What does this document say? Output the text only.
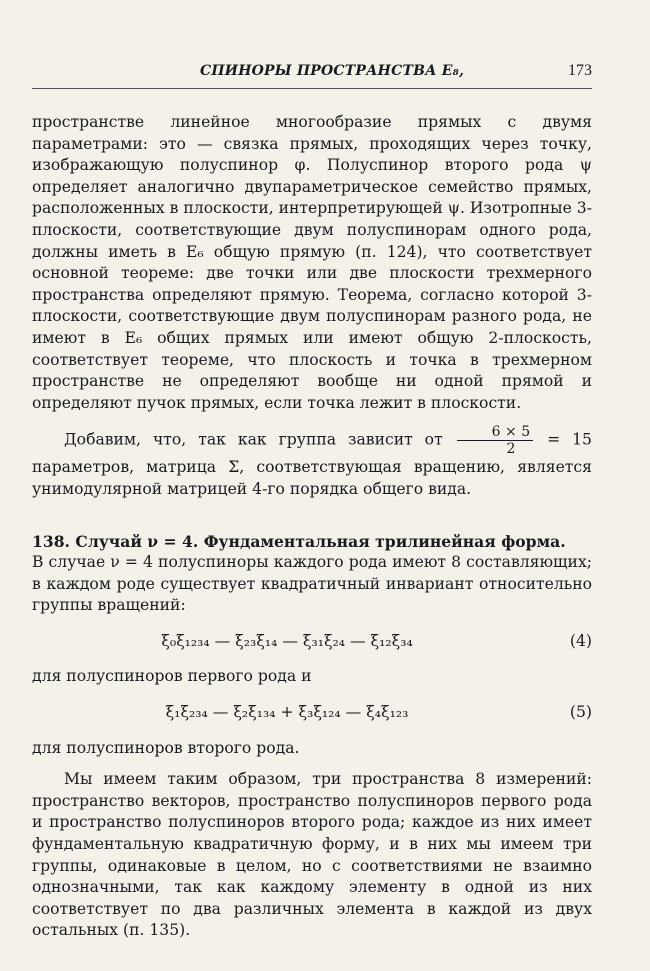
СПИНОРЫ ПРОСТРАНСТВА E₈,	173

пространстве линейное многообразие прямых с двумя параметрами: это — связка прямых, проходящих через точку, изображающую полуспинор φ. Полуспинор второго рода ψ определяет аналогично двупараметрическое семейство прямых, расположенных в плоскости, интерпретирующей ψ. Изотропные 3-плоскости, соответствующие двум полуспинорам одного рода, должны иметь в E₆ общую прямую (п. 124), что соответствует основной теореме: две точки или две плоскости трехмерного пространства определяют прямую. Теорема, согласно которой 3-плоскости, соответствующие двум полуспинорам разного рода, не имеют в E₆ общих прямых или имеют общую 2-плоскость, соответствует теореме, что плоскость и точка в трехмерном пространстве не определяют вообще ни одной прямой и определяют пучок прямых, если точка лежит в плоскости.

Добавим, что, так как группа зависит от $\frac{6 \times 5}{2} = 15$ параметров, матрица Σ, соответствующая вращению, является унимодулярной матрицей 4-го порядка общего вида.

138. Случай ν = 4. Фундаментальная трилинейная форма.

В случае ν = 4 полуспиноры каждого рода имеют 8 составляющих; в каждом роде существует квадратичный инвариант относительно группы вращений:

ξ₀ξ₁₂₃₄ — ξ₂₃ξ₁₄ — ξ₃₁ξ₂₄ — ξ₁₂ξ₃₄	(4)

для полуспиноров первого рода и

ξ₁ξ₂₃₄ — ξ₂ξ₁₃₄ + ξ₃ξ₁₂₄ — ξ₄ξ₁₂₃	(5)

для полуспиноров второго рода.

Мы имеем таким образом, три пространства 8 измерений: пространство векторов, пространство полуспиноров первого рода и пространство полуспиноров второго рода; каждое из них имеет фундаментальную квадратичную форму, и в них мы имеем три группы, одинаковые в целом, но с соответствиями не взаимно однозначными, так как каждому элементу в одной из них соответствует по два различных элемента в каждой из двух остальных (п. 135).
